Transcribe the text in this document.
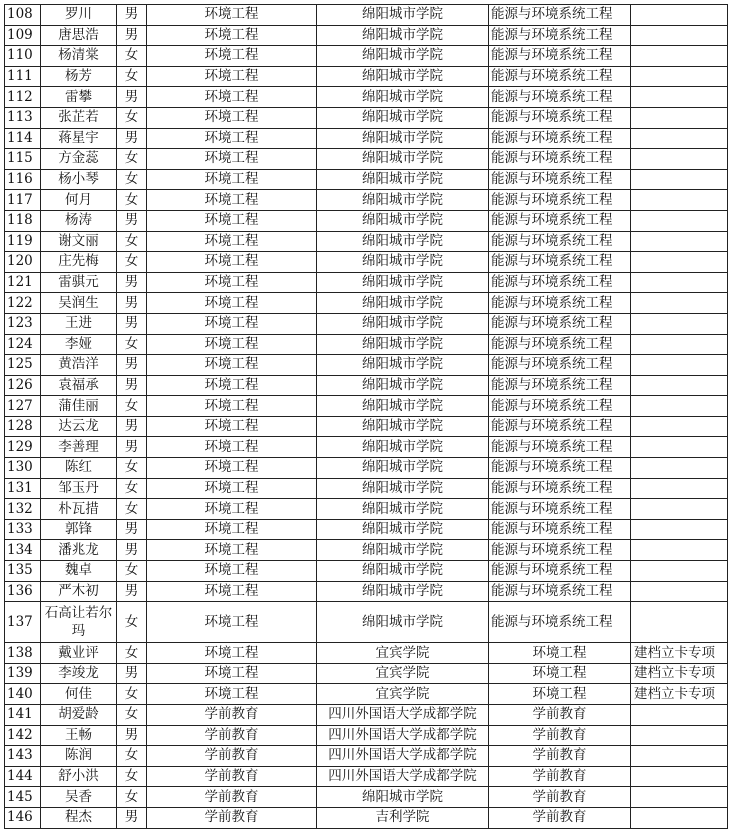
108	罗川	男	环境工程	绵阳城市学院	能源与环境系统工程	
109	唐思浩	男	环境工程	绵阳城市学院	能源与环境系统工程	
110	杨清棠	女	环境工程	绵阳城市学院	能源与环境系统工程	
111	杨芳	女	环境工程	绵阳城市学院	能源与环境系统工程	
112	雷攀	男	环境工程	绵阳城市学院	能源与环境系统工程	
113	张芷若	女	环境工程	绵阳城市学院	能源与环境系统工程	
114	蒋星宇	男	环境工程	绵阳城市学院	能源与环境系统工程	
115	方金蕊	女	环境工程	绵阳城市学院	能源与环境系统工程	
116	杨小琴	女	环境工程	绵阳城市学院	能源与环境系统工程	
117	何月	女	环境工程	绵阳城市学院	能源与环境系统工程	
118	杨涛	男	环境工程	绵阳城市学院	能源与环境系统工程	
119	谢文丽	女	环境工程	绵阳城市学院	能源与环境系统工程	
120	庄先梅	女	环境工程	绵阳城市学院	能源与环境系统工程	
121	雷骐元	男	环境工程	绵阳城市学院	能源与环境系统工程	
122	吴润生	男	环境工程	绵阳城市学院	能源与环境系统工程	
123	王进	男	环境工程	绵阳城市学院	能源与环境系统工程	
124	李娅	女	环境工程	绵阳城市学院	能源与环境系统工程	
125	黄浩洋	男	环境工程	绵阳城市学院	能源与环境系统工程	
126	袁福承	男	环境工程	绵阳城市学院	能源与环境系统工程	
127	蒲佳丽	女	环境工程	绵阳城市学院	能源与环境系统工程	
128	达云龙	男	环境工程	绵阳城市学院	能源与环境系统工程	
129	李善理	男	环境工程	绵阳城市学院	能源与环境系统工程	
130	陈红	女	环境工程	绵阳城市学院	能源与环境系统工程	
131	邹玉丹	女	环境工程	绵阳城市学院	能源与环境系统工程	
132	朴瓦措	女	环境工程	绵阳城市学院	能源与环境系统工程	
133	郭锋	男	环境工程	绵阳城市学院	能源与环境系统工程	
134	潘兆龙	男	环境工程	绵阳城市学院	能源与环境系统工程	
135	魏卓	女	环境工程	绵阳城市学院	能源与环境系统工程	
136	严木初	男	环境工程	绵阳城市学院	能源与环境系统工程	
137	石高让若尔玛	女	环境工程	绵阳城市学院	能源与环境系统工程	
138	戴业评	女	环境工程	宜宾学院	环境工程	建档立卡专项
139	李竣龙	男	环境工程	宜宾学院	环境工程	建档立卡专项
140	何佳	女	环境工程	宜宾学院	环境工程	建档立卡专项
141	胡爱龄	女	学前教育	四川外国语大学成都学院	学前教育	
142	王畅	男	学前教育	四川外国语大学成都学院	学前教育	
143	陈润	女	学前教育	四川外国语大学成都学院	学前教育	
144	舒小洪	女	学前教育	四川外国语大学成都学院	学前教育	
145	吴香	女	学前教育	绵阳城市学院	学前教育	
146	程杰	男	学前教育	吉利学院	学前教育	
